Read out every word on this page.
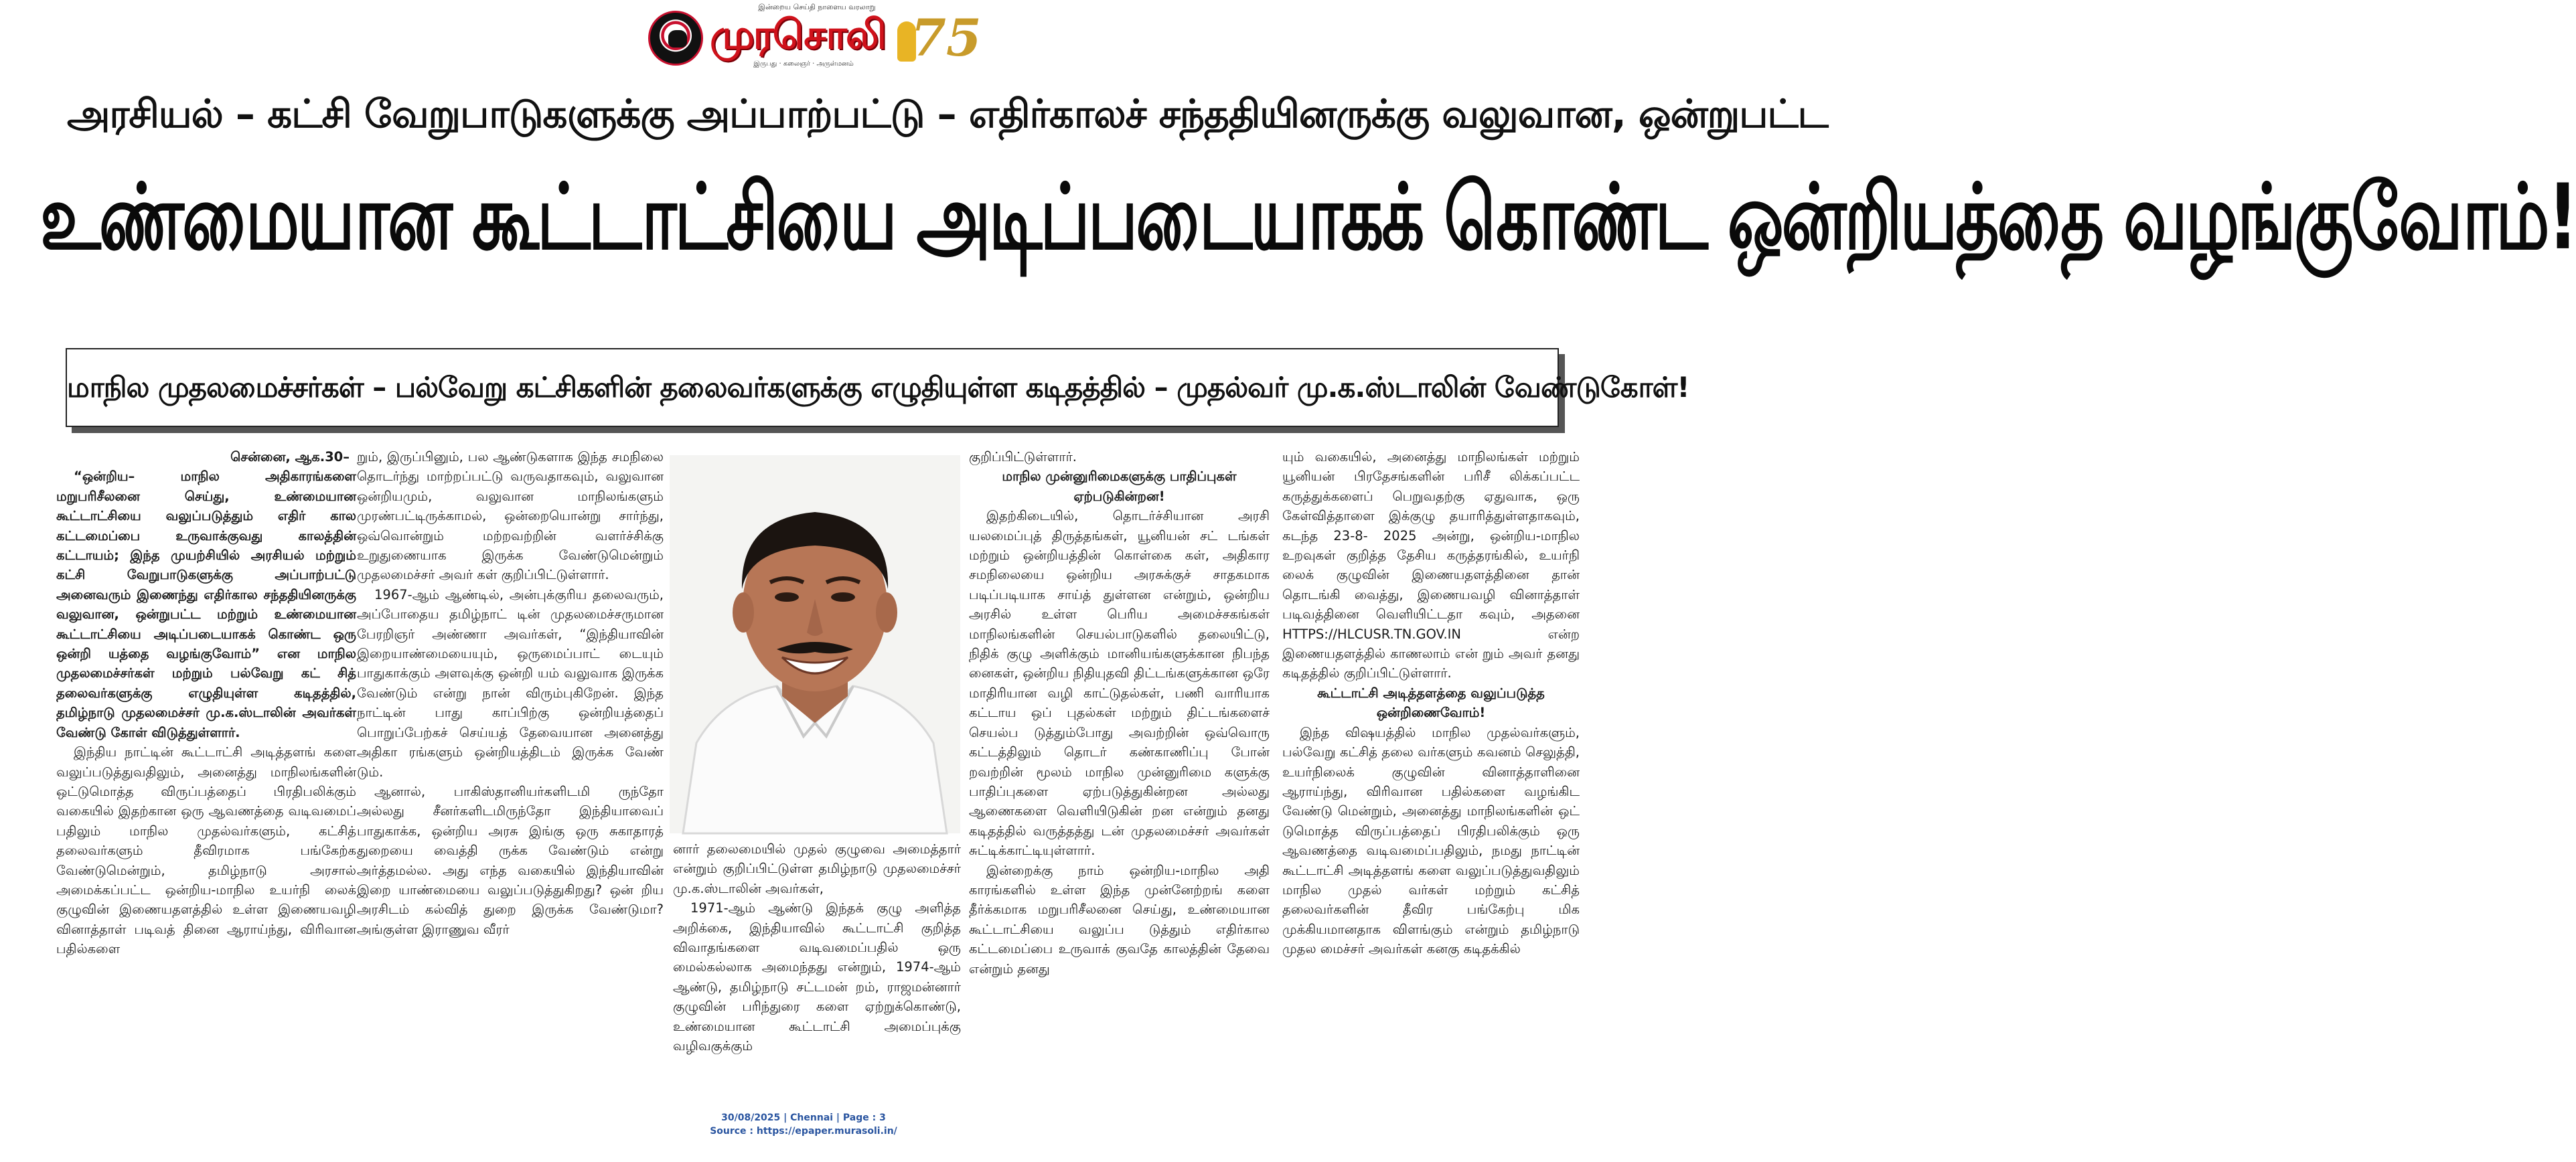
இன்றைய செய்தி நாளைய வரலாறு
முரசொலி
இருபது · கலைஞர் · அருள்மனம்	75
அரசியல் – கட்சி வேறுபாடுகளுக்கு அப்பாற்பட்டு – எதிர்காலச் சந்ததியினருக்கு வலுவான, ஒன்றுபட்ட
உண்மையான கூட்டாட்சியை அடிப்படையாகக் கொண்ட ஒன்றியத்தை வழங்குவோம்!
மாநில முதலமைச்சர்கள் – பல்வேறு கட்சிகளின் தலைவர்களுக்கு எழுதியுள்ள கடிதத்தில் – முதல்வர் மு.க.ஸ்டாலின் வேண்டுகோள்!

சென்னை, ஆக.30–

“ஒன்றிய– மாநில அதிகாரங்களை மறுபரிசீலனை செய்து, உண்மையான கூட்டாட்சியை வலுப்படுத்தும் எதிர் கால கட்டமைப்பை உருவாக்குவது காலத்தின் கட்டாயம்; இந்த முயற்சியில் அரசியல் மற்றும் கட்சி வேறுபாடுகளுக்கு அப்பாற்பட்டு அனைவரும் இணைந்து எதிர்கால சந்ததியினருக்கு வலுவான, ஒன்றுபட்ட மற்றும் உண்மையான கூட்டாட்சியை அடிப்படையாகக் கொண்ட ஒரு ஒன்றி யத்தை வழங்குவோம்” என மாநில முதலமைச்சர்கள் மற்றும் பல்வேறு கட் சித் தலைவர்களுக்கு எழுதியுள்ள கடிதத்தில், தமிழ்நாடு முதலமைச்சர் மு.க.ஸ்டாலின் அவர்கள் வேண்டு கோள் விடுத்துள்ளார்.

இந்திய நாட்டின் கூட்டாட்சி அடித்தளங் களை வலுப்படுத்துவதிலும், அனைத்து மாநிலங்களின் ஒட்டுமொத்த விருப்பத்தைப் பிரதிபலிக்கும் வகையில் இதற்கான ஒரு ஆவணத்தை வடிவமைப் பதிலும் மாநில முதல்வர்களும், கட்சித் தலைவர்களும் தீவிரமாக பங்கேற்க வேண்டுமென்றும், தமிழ்நாடு அரசால் அமைக்கப்பட்ட ஒன்றிய-மாநில உயர்நி லைக் குழுவின் இணையதளத்தில் உள்ள இணையவழி வினாத்தாள் படிவத் தினை ஆராய்ந்து, விரிவான பதில்களை

றும், இருப்பினும், பல ஆண்டுகளாக இந்த சமநிலை தொடர்ந்து மாற்றப்பட்டு வருவதாகவும், வலுவான ஒன்றியமும், வலுவான மாநிலங்களும் முரண்பட்டிருக்காமல், ஒன்றையொன்று சார்ந்து, ஒவ்வொன்றும் மற்றவற்றின் வளர்ச்சிக்கு உறுதுணையாக இருக்க வேண்டுமென்றும் முதலமைச்சர் அவர் கள் குறிப்பிட்டுள்ளார்.

1967-ஆம் ஆண்டில், அன்புக்குரிய தலைவரும், அப்போதைய தமிழ்நாட் டின் முதலமைச்சருமான பேரறிஞர் அண்ணா அவர்கள், “இந்தியாவின் இறையாண்மையையும், ஒருமைப்பாட் டையும் பாதுகாக்கும் அளவுக்கு ஒன்றி யம் வலுவாக இருக்க வேண்டும் என்று நான் விரும்புகிறேன். இந்த நாட்டின் பாது காப்பிற்கு ஒன்றியத்தைப் பொறுப்பேற்கச் செய்யத் தேவையான அனைத்து அதிகா ரங்களும் ஒன்றியத்திடம் இருக்க வேண் டும்.

ஆனால், பாகிஸ்தானியர்களிடமி ருந்தோ அல்லது சீனர்களிடமிருந்தோ இந்தியாவைப் பாதுகாக்க, ஒன்றிய அரசு இங்கு ஒரு சுகாதாரத் துறையை வைத்தி ருக்க வேண்டும் என்று அர்த்தமல்ல. அது எந்த வகையில் இந்தியாவின் இறை யாண்மையை வலுப்படுத்துகிறது? ஒன் றிய அரசிடம் கல்வித் துறை இருக்க வேண்டுமா? அங்குள்ள இராணுவ வீரர்

னார் தலைமையில் முதல் குழுவை அமைத்தார் என்றும் குறிப்பிட்டுள்ள தமிழ்நாடு முதலமைச்சர் மு.க.ஸ்டாலின் அவர்கள்,

1971-ஆம் ஆண்டு இந்தக் குழு அளித்த அறிக்கை, இந்தியாவில் கூட்டாட்சி குறித்த விவாதங்களை வடிவமைப்பதில் ஒரு மைல்கல்லாக அமைந்தது என்றும், 1974-ஆம் ஆண்டு, தமிழ்நாடு சட்டமன் றம், ராஜமன்னார் குழுவின் பரிந்துரை களை ஏற்றுக்கொண்டு, உண்மையான கூட்டாட்சி அமைப்புக்கு வழிவகுக்கும்

குறிப்பிட்டுள்ளார்.

மாநில முன்னுரிமைகளுக்கு பாதிப்புகள் ஏற்படுகின்றன!

இதற்கிடையில், தொடர்ச்சியான அரசி யலமைப்புத் திருத்தங்கள், யூனியன் சட் டங்கள் மற்றும் ஒன்றியத்தின் கொள்கை கள், அதிகார சமநிலையை ஒன்றிய அரசுக்குச் சாதகமாக படிப்படியாக சாய்த் துள்ளன என்றும், ஒன்றிய அரசில் உள்ள பெரிய அமைச்சகங்கள் மாநிலங்களின் செயல்பாடுகளில் தலையிட்டு, நிதிக் குழு அளிக்கும் மானியங்களுக்கான நிபந்த னைகள், ஒன்றிய நிதியுதவி திட்டங்களுக்கான ஒரே மாதிரியான வழி காட்டுதல்கள், பணி வாரியாக கட்டாய ஒப் புதல்கள் மற்றும் திட்டங்களைச் செயல்ப டுத்தும்போது அவற்றின் ஒவ்வொரு கட்டத்திலும் தொடர் கண்காணிப்பு போன் றவற்றின் மூலம் மாநில முன்னுரிமை களுக்கு பாதிப்புகளை ஏற்படுத்துகின்றன அல்லது ஆணைகளை வெளியிடுகின் றன என்றும் தனது கடிதத்தில் வருத்தத்து டன் முதலமைச்சர் அவர்கள் சுட்டிக்காட்டியுள்ளார்.

இன்றைக்கு நாம் ஒன்றிய-மாநில அதி காரங்களில் உள்ள இந்த முன்னேற்றங் களை தீர்க்கமாக மறுபரிசீலனை செய்து, உண்மையான கூட்டாட்சியை வலுப்ப டுத்தும் எதிர்கால கட்டமைப்பை உருவாக் குவதே காலத்தின் தேவை என்றும் தனது

யும் வகையில், அனைத்து மாநிலங்கள் மற்றும் யூனியன் பிரதேசங்களின் பரிசீ லிக்கப்பட்ட கருத்துக்களைப் பெறுவதற்கு ஏதுவாக, ஒரு கேள்வித்தாளை இக்குழு தயாரித்துள்ளதாகவும், கடந்த 23-8- 2025 அன்று, ஒன்றிய-மாநில உறவுகள் குறித்த தேசிய கருத்தரங்கில், உயர்நி லைக் குழுவின் இணையதளத்தினை தான் தொடங்கி வைத்து, இணையவழி வினாத்தாள் படிவத்தினை வெளியிட்டதா கவும், அதனை HTTPS://HLCUSR.TN.GOV.IN என்ற இணையதளத்தில் காணலாம் என் றும் அவர் தனது கடிதத்தில் குறிப்பிட்டுள்ளார்.

கூட்டாட்சி அடித்தளத்தை வலுப்படுத்த ஒன்றிணைவோம்!

இந்த விஷயத்தில் மாநில முதல்வர்களும், பல்வேறு கட்சித் தலை வர்களும் கவனம் செலுத்தி, உயர்நிலைக் குழுவின் வினாத்தாளினை ஆராய்ந்து, விரிவான பதில்களை வழங்கிட வேண்டு மென்றும், அனைத்து மாநிலங்களின் ஒட் டுமொத்த விருப்பத்தைப் பிரதிபலிக்கும் ஒரு ஆவணத்தை வடிவமைப்பதிலும், நமது நாட்டின் கூட்டாட்சி அடித்தளங் களை வலுப்படுத்துவதிலும் மாநில முதல் வர்கள் மற்றும் கட்சித் தலைவர்களின் தீவிர பங்கேற்பு மிக முக்கியமானதாக விளங்கும் என்றும் தமிழ்நாடு முதல மைச்சர் அவர்கள் கனகு கடிதக்கில்

30/08/2025 | Chennai | Page : 3
Source : https://epaper.murasoli.in/
